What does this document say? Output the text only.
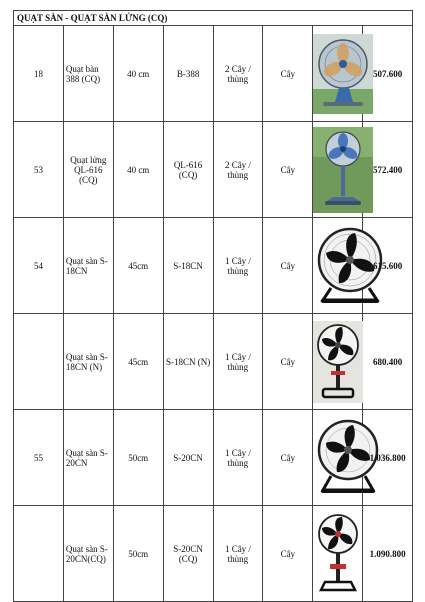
QUẠT SÀN - QUẠT SÀN LỬNG (CQ)							
18	Quạt bàn 388 (CQ)	40 cm	B-388	2 Cây / thùng	Cây		507.600
53	Quạt lửng QL-616 (CQ)	40 cm	QL-616 (CQ)	2 Cây / thùng	Cây		572.400
54	Quạt sàn S-18CN	45cm	S-18CN	1 Cây / thùng	Cây		615.600
	Quạt sàn S-18CN (N)	45cm	S-18CN (N)	1 Cây / thùng	Cây		680.400
55	Quạt sàn S-20CN	50cm	S-20CN	1 Cây / thùng	Cây		1.036.800
	Quạt sàn S-20CN(CQ)	50cm	S-20CN (CQ)	1 Cây / thùng	Cây		1.090.800
